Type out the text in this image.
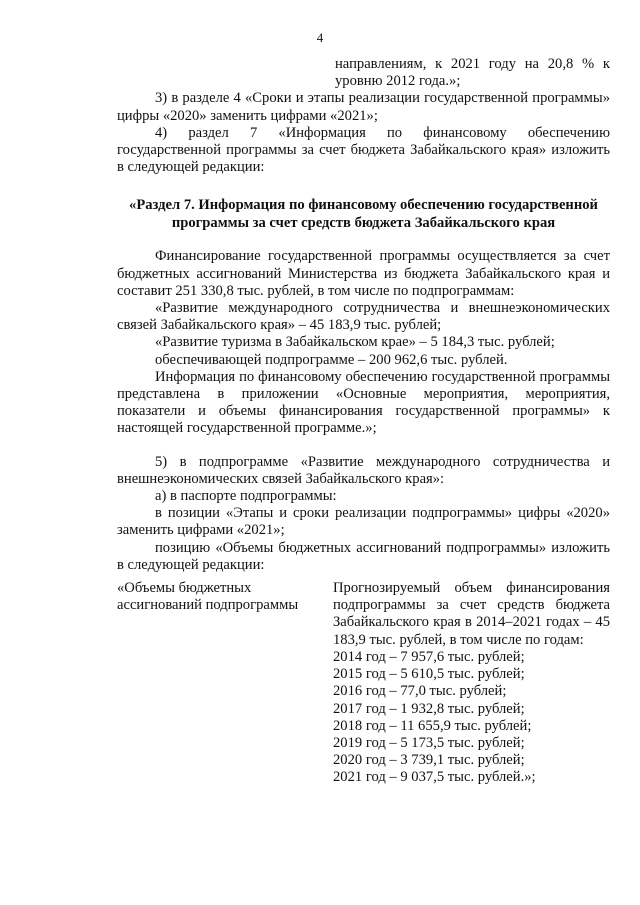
4

направлениям, к 2021 году на 20,8 % к уровню 2012 года.»;

3) в разделе 4 «Сроки и этапы реализации государственной программы» цифры «2020» заменить цифрами «2021»;

4) раздел 7 «Информация по финансовому обеспечению государственной программы за счет бюджета Забайкальского края» изложить в следующей редакции:

«Раздел 7. Информация по финансовому обеспечению государственной

программы за счет средств бюджета Забайкальского края

Финансирование государственной программы осуществляется за счет бюджетных ассигнований Министерства из бюджета Забайкальского края и составит 251 330,8 тыс. рублей, в том числе по подпрограммам:

«Развитие международного сотрудничества и внешнеэкономических связей Забайкальского края» – 45 183,9 тыс. рублей;

«Развитие туризма в Забайкальском крае» – 5 184,3 тыс. рублей;

обеспечивающей подпрограмме – 200 962,6 тыс. рублей.

Информация по финансовому обеспечению государственной программы представлена в приложении «Основные мероприятия, мероприятия, показатели и объемы финансирования государственной программы» к настоящей государственной программе.»;

5) в подпрограмме «Развитие международного сотрудничества и внешнеэкономических связей Забайкальского края»:

а) в паспорте подпрограммы:

в позиции «Этапы и сроки реализации подпрограммы» цифры «2020» заменить цифрами «2021»;

позицию «Объемы бюджетных ассигнований подпрограммы» изложить в следующей редакции:

«Объемы бюджетных ассигнований подпрограммы
Прогнозируемый объем финансирования подпрограммы за счет средств бюджета Забайкальского края в 2014–2021 годах – 45 183,9 тыс. рублей, в том числе по годам:
2014 год – 7 957,6 тыс. рублей;
2015 год – 5 610,5 тыс. рублей;
2016 год – 77,0 тыс. рублей;
2017 год – 1 932,8 тыс. рублей;
2018 год – 11 655,9 тыс. рублей;
2019 год – 5 173,5 тыс. рублей;
2020 год – 3 739,1 тыс. рублей;
2021 год – 9 037,5 тыс. рублей.»;
